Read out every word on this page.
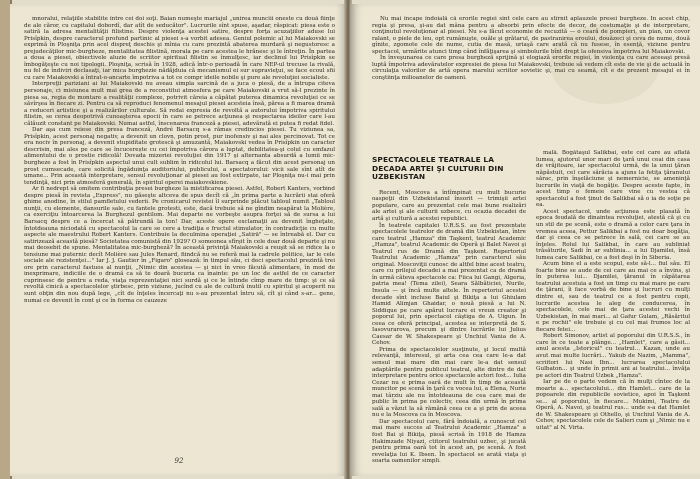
mnoralui, relaţiile stabilite între cei doi soţi. Baian numeşte mariajul „unirea munciii oneste cu două fiinţe de ale căror, cu capitalul dobordî, dar atît de seducător". Lucrurile sînt spuse, aşadar, răspicat: piesa este o satiră la adresa mentalităţii filistine. Despre violenţa acestei satire, despre forţa acuzaţiilor aduse lui Prisîpkin, despre caracterul profund partinic al piesei s-a vorbit adesea. Geniul polemic al lui Maiakovski se exprimă în Ploşniţa prin acel dispreţ deschis şi mînia cu care prezintă abaterea murdară şi negustoresc a prejudecăţilor mic-burgheze, mentalitatea filistină, morala pe care acestea le hrănesc şi le întreţin. În partea a doua a piesei, obiectivele aluzie de scriitor spiritual filistin se înmulţesc, iar declinul lui Prisîpkin se îmbogăţeşte cu noi tipologii. Ploşniţa, scrisă în 1928, adică într-o perioadă în care NEP-ul trecuse la rivală, nu fel de îndiviri declasaţi, iar mica burghezie nădăjduia că mecanismul ei sur supravieţui, se face ecoul sfii cu care Maiakovski a întrat-o-ancarte împotriva a tot ce compr ideile nobile şi pure ale revoluţiei socialiste.

Interpreţii pariziani ai lui Maiakovski nu aveau simpla sarcină de a juca o piesă, de a întrupa citeva personaje, ci misiunea mult mai grea de a reconstitui atmosfera pe care Maiakovski a vrut să-l prezinte în piesa sa, regia de montare a realităţii complexe, potrivit căreia a căpătat puterea dinamica revoluţiei ce se săvîrşea în fiecare zi. Pentru ca să reproduci fenomenul mesajul piesei acesteia însă, părea a fi marea dramă a reduceri artistice şi a realizărilor culturale. Să redai expresia de revoltă a autorului împotriva spiritului filistin, se cerea deopotrivă cunoaşterea epocii în care se petrece acţiunea şi respectarea ideilor care l-au călăuzit constant pe Maiakovski. Numai astfel, înscenarea franceză a piesei, adevărată ei putea fi redat fidel.

Dar aşa cum reiese din presa franceză, André Barsacq s-a rămas credincios piesei. Tu viziunea sa, Prisîpkin, acest personaj negativ, a devenit un clovn, potin prost, pur inofensiv şi nai ales percinovat. Tot ce era nociv în personaj, a devenit stupiditate grotescă şi amuzantă, Maiakovski vedea în Prisîpkin un caracter descrisin, mai ales pe care se încucerește cu cei împotriva cărora a luptat, debilitatea-şi colul cu emfazul alimentului de o prostie ridicolă! Dovada mizeriei revoluţiei din 1917 şi alternanta absurdă a lumii mic-burgheze a fost în Prisîpkin aspectul unui cult sublim în ridicolul lui. Barsacq a făcut din acest personaj un prost cumsecade, care solicită îngăduinţa auditoriului, publicului, a spectatorului: vicii sale sînt atît de umane... Prin această interpretare, sensul revoluţionar al piesei au fost extirpate, iar Ploşniţa nu-i mai prin tendinţă, nici prin atmosferă generală, în spiritul operei maiakovskiene.

Ar fi nedrept să omitem contribuţia presei burgheze la mistificarea piesei. Astfel, Robert Kanters, vorbind despre piesă în revista „Express", nu găseşte altceva de spus decît că „în prima parte a lucrării stai oferă ghime anodine, în stilul pamfletului vederii. Pe cronicarul revistei îl surprinde plăcut tabloul numit „Tabloul nunţii, cu elemente, dansurile sale, cu fantele grotesti, este, dacă trebuie să ne gîndim neapărat la Molière, ca exerciţiu întoarcerea la Burghezul gentilom. Mai departe ne vorbeşte asupra forţei să de sursa a lui Barsacq despre ce a încercat să pătrundă la ton! Dar, aceste opere exclamaţii au devenit îngheţate, întotdeauna niciodată cu spectacolul la care se cere a tradiţia e fructul stimulator, în contradicţie cu multe aspecte ale maestrului Robert Kanters. Contribuie la deculmina operaţiei „Satirä" — se întreabă el. Dar cu satirizează această piesă? Societatea comunistă din 1929? O someonea sfîrşit în cele doar două departe şi nu mai deosebit de spune. Mentalitatea mic-burgheză? În această privinţă Maiakovski a reuşit să se ridice la o tensiune mai puternic decît Molière sau Jules Renard, fiindcă nu se referă mai la cadrele politice, iar le cele sociale ale rezistenţei..." Iar J. J. Gautier în „Figaro" glosează: în timpul său, ci deci spectacolul prezintă trei ore prin caracterul fastuos al nunţii, „Nimic din acestea — şi nici în vreo făcută alimentare, în mod de inexprimare, indiciile de o dramă ca să te doară bucuria ca înainte: pe un loc de astfel de ce caracter cuprinsesc de pentru a reda, viaţa reprezentaţiei nici surdă şi ce le întinde cîmp mare de timp: şi ce să revoltă cinică a spectacolelor ştirbesc, prin viziune, jucînd cu ale de cultură inutil cu spiritul şi acoperit nu sunt obţin din nou după lege, „cît de înţeles încercaţi nu s-au prezentat întru să, cît şi când s-ar... gene, numai ce devenit în cont şi ce în forma ce cauzeze

92

Nu mai încape îndoială că erorile regiei sînt cele care au stîrnit aplauzele presei burgheze. În acest chip, regia şi presa, şi-au dat mâna pentru a absorbi prin efecte de decor, de costumaţie şi de interpretare, conţinutul revoluţionar al piesei. Nu s-a făcut economie de recuzită — o ceară de pompieri, un pian, un covor ralant, o piele de leu, opt rumânuşte, ouăle şi grătarul, de pastranirea eroului, douăzeci şi ceva de nume, două gînite, zgomote cele de nume, cutia de masă, uriaşă care arată că nu fusese, în esenţă, viziune pentru spectacol, urmărite atunci timp când înfăţişarea şi simbolurile bînt drept la ofensiva împotriva lui Maiakovski.

În înveşunarea ce care presa burgheză sprijină şi elogiază erorile regiei, în violenţa cu care aceeaşi presă luptă împotriva adevăratelor expresiei de piesa lui Maiakovski, trebuie să vedem cît este de vie şi de actuală în circulaţia valorilor de artă opera marelui scriitor sovietic şi, mai cu seamă, cît e de prezent mesajul ei în conştiinţa milioanelor de oameni.

SPECTACOLELE TEATRALE LA
DECADA ARTEI ŞI CULTURII DIN
UZBEKISTAN

Recent, Moscova a întîmpinat cu mult bucurie oaspeţii din Uzbekistanul însorit — trimişii artei populare, care au prezentat cele mai bune realizări ale artei şi ale culturii uzbece, cu ocazia decadei de artă şi cultură a acestei republici.

În teatrele capitalei U.R.S.S. au fost prezentate spectacolele teatrelor de dramă din Uzbekistan, între care teatrul „Hamza" din Taşkent, teatrul Academic „Hamza", teatrul Academic de Operă şi Balet Navoi şi Teatrul rus de Dramă din Taşkent. Repertoriul Teatrului Academic „Hamza" prin caracterul său original. Moscoviţii cunosc de altfel bine acest teatru, care cu prilejul decadei a mai prezentat ca de dramă în urmă câteva spectacole ca: Fiica lui Gangi, Algeria, patria mea! (Tema zilei), Seara Sălbăticiei, Nurile, Insula — şi încă multe altele. În repertoriul acestei decade sînt incluse Baiul şi Bikiţa a lui Ghiulam Hamid Alimjan Ghaidar, o nouă piesă a lui N. Siddique pe care apărut lucrare ei vreun creator şi poporul lui, prin spectacol câştiga de A. Uigun. În ceea ce oferă principal, acestea se interpretă de S. Iasovurarova, precum şi dintre lucrările lui Julius Caesar de W. Shakespeare şi Unchiul Vania de A. Cehov.

Prima de spectacolelor susţinute, şi locul multă relevanţă, interesul, şi arta cea cea care le-a dat sensul mai mare din mai care le-a dat sensul adaptările pentru publicul teatral, alte dintre de dat interpretare pentru orice spectacole actori fost... Iulia Cezar nu e prima oară de mult în timp de această muncitor pe scenă în ţară cu vocea lui, a Elena, Nurie mai târziu ale nu întotdeauna de cea care mai de public în prima pe colectiv, ceea din urmă în prima sală a văzut la să rămână ceea ce a şi prin de aceea nu e la Moscova ca în Moscova.

Dar spectacolul care, fără îndoială, a cunoscut cel mai mare succes al Teatrului Academic „Hamza" a fost Bai şi Bikiţa, piesă scrisă în 1918 de Hamza Hakimzade Niyazi, ctitorul teatrului uzbec, şi jucată pentru prima oară tot în acest an, pe scenă. A fost revelaţia lui K. Ibsen. În spectacol se arată viaţa şi soarta oamenilor simpli.

mală. Bogătaşul Salikbai, este cel care au aflată lumea, ajutorul unor mari de ţară unui ceai din casa de vrăjitoare, iar spectacolul urmă, de la unui ţăran năpăstuit, cel care sărăcia a ajuns la fetiţa ţăranului sărac, prin înşelăciune şi nemernicie, se ameninţă lucrurile în viaţă de bogăţie. Despre aceste fapte, în acest timp o femeie care vine cu vestea că spectacolul a fost ţinut de Salikbai să o ia de soţie pe ea.

Acest spectacol, unde acţiunea este plasată în epoca feudală de dinaintea revoluţiei, atestă că şi cu un stil de pe scenă, este o dramă a celor care ţara în vremea aceea, Pettur Salikbai a fost nu doar bogăţia, dar şi ceea ce se petrece în sală, cei care se au înţeles. Rolul lui Salikbai, în care au subliniat trăsăturile, Sadi în ar sublinia... a lui Djamilei, însă lumea care Salikbai, ce a fost deşi în în Siberia.

Acum bine el a este scopul, este să-l... fiul său. El foarte bine se aude de cei care au mai ce a învins, şi în puterea lui... Djamilei, ţăranul în căpătarea teatrului acestuia a fost un timp cu mai mare pe care de ţărani, îi face vorbă de bine şi lucruri cu mulţi dintre ei, sau de teatrul ce a fost pentru copii, lucrurile acestea le aleg de conducerea, în spectacolele, cele mai de ţara acestei vechi în Uzbekistan, în mai mari... al Gafur Gulam, „Răsăritul e pe rochii" ele trebuie şi cu cel mai frumos loc al fiecare fetei...

Robert Simonov, artist al poporului din U.R.S.S., în care în ce toate a plânge... „Hamlet", care a găsit... anul acesta „Istoricul" cu teatrul... Kazan, unde au avut mai multe lucrări... Yakub de Nazim, „Mamma", scriitori lui Nasi Ibn... lucrarea spectacolului Gulbaton... şi unde în primii ani ai teatrului... învăţa pe actori din Teatrul Uzbek „Hamza".

Iar pe de o parte vedem că în mulţi cîntec de la moarte a... spectacolului... din Hamlet... care de la popoarele din republicile sovietice, apoi în Taşkent se... al poporului, în fiecare... Mukimi, Teatru de Operă, A. Navoi, şi teatrul rus... unde s-a dat Hamlet de W. Shakespeare şi Othello, şi Unchiul Vania de A. Cehov, spectacolele cele de Salieri cum şi „Nimic nu e uitat" al N. Virta.
